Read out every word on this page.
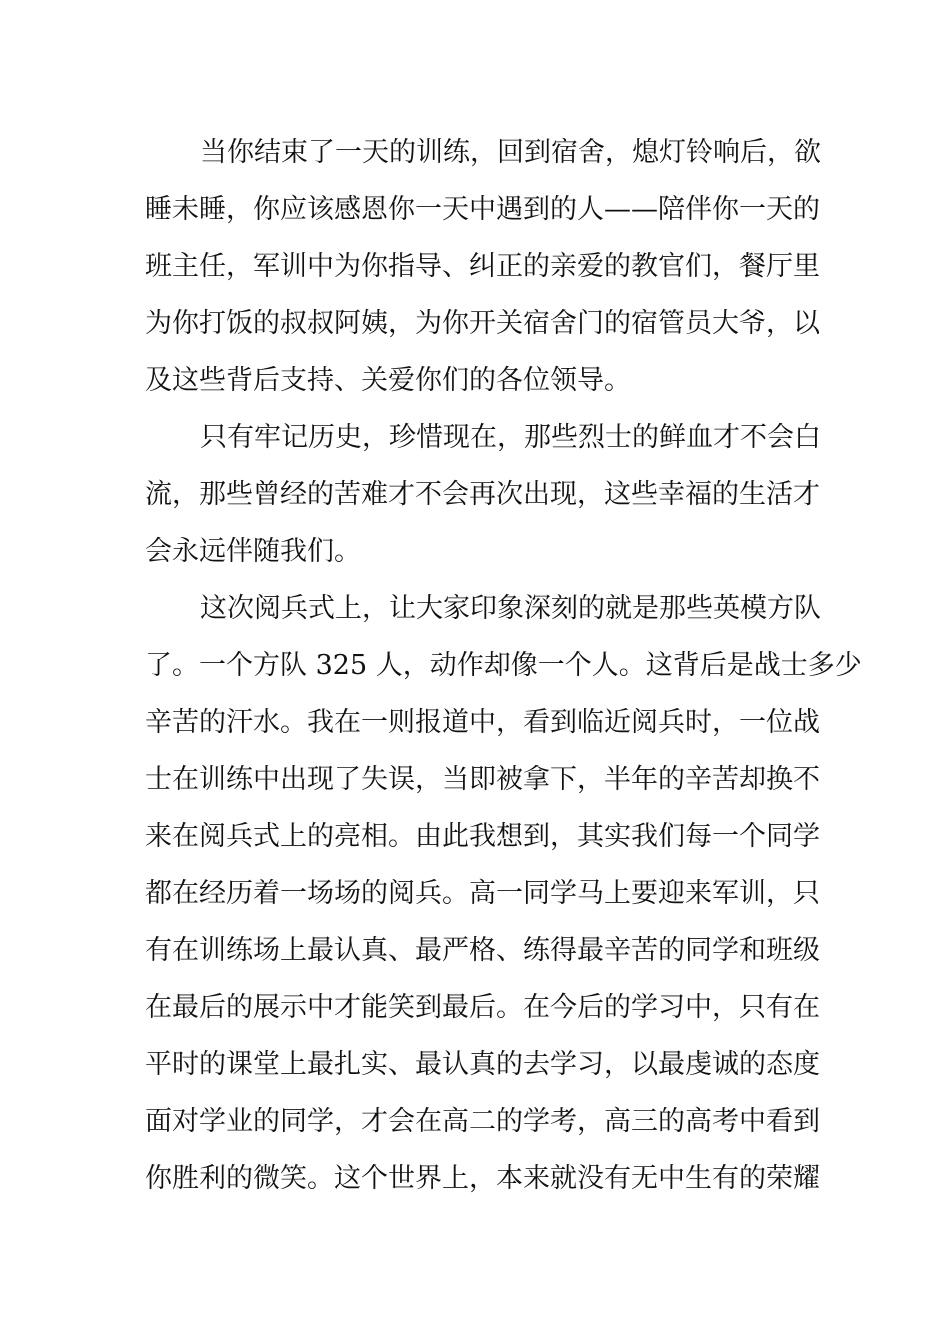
当你结束了一天的训练，回到宿舍，熄灯铃响后，欲
睡未睡，你应该感恩你一天中遇到的人——陪伴你一天的
班主任，军训中为你指导、纠正的亲爱的教官们，餐厅里
为你打饭的叔叔阿姨，为你开关宿舍门的宿管员大爷，以
及这些背后支持、关爱你们的各位领导。
只有牢记历史，珍惜现在，那些烈士的鲜血才不会白
流，那些曾经的苦难才不会再次出现，这些幸福的生活才
会永远伴随我们。
这次阅兵式上，让大家印象深刻的就是那些英模方队
了。一个方队 325 人，动作却像一个人。这背后是战士多少
辛苦的汗水。我在一则报道中，看到临近阅兵时，一位战
士在训练中出现了失误，当即被拿下，半年的辛苦却换不
来在阅兵式上的亮相。由此我想到，其实我们每一个同学
都在经历着一场场的阅兵。高一同学马上要迎来军训，只
有在训练场上最认真、最严格、练得最辛苦的同学和班级
在最后的展示中才能笑到最后。在今后的学习中，只有在
平时的课堂上最扎实、最认真的去学习，以最虔诚的态度
面对学业的同学，才会在高二的学考，高三的高考中看到
你胜利的微笑。这个世界上，本来就没有无中生有的荣耀
